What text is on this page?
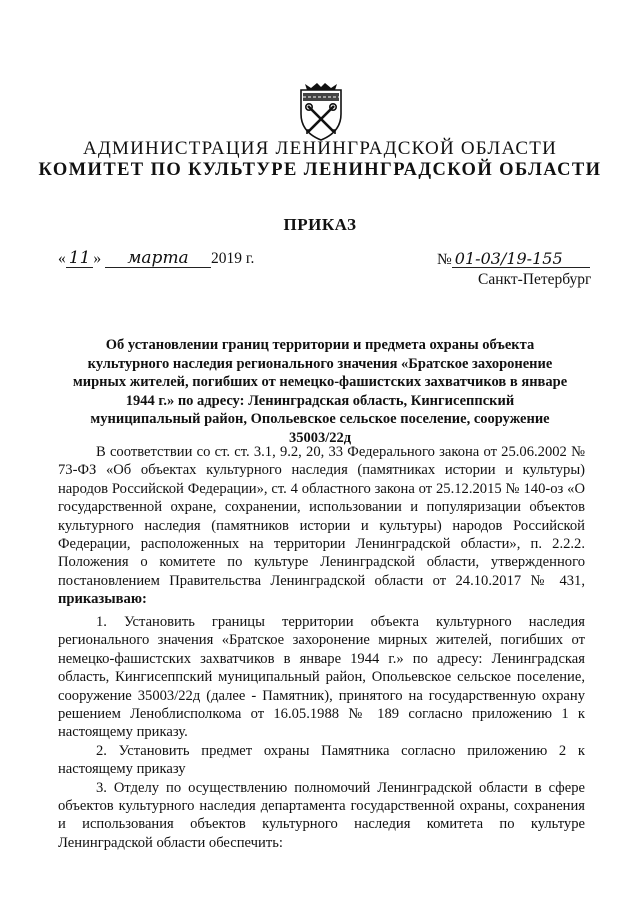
АДМИНИСТРАЦИЯ ЛЕНИНГРАДСКОЙ ОБЛАСТИ
КОМИТЕТ ПО КУЛЬТУРЕ ЛЕНИНГРАДСКОЙ ОБЛАСТИ
ПРИКАЗ
« 11 » марта 2019 г.	№ 01-03/19-155
Санкт-Петербург
Об установлении границ территории и предмета охраны объекта культурного наследия регионального значения «Братское захоронение мирных жителей, погибших от немецко-фашистских захватчиков в январе 1944 г.» по адресу: Ленинградская область, Кингисеппский муниципальный район, Опольевское сельское поселение, сооружение 35003/22д

В соответствии со ст. ст. 3.1, 9.2, 20, 33 Федерального закона от 25.06.2002 № 73-ФЗ «Об объектах культурного наследия (памятниках истории и культуры) народов Российской Федерации», ст. 4 областного закона от 25.12.2015 № 140-оз «О государственной охране, сохранении, использовании и популяризации объектов культурного наследия (памятников истории и культуры) народов Российской Федерации, расположенных на территории Ленинградской области», п. 2.2.2. Положения о комитете по культуре Ленинградской области, утвержденного постановлением Правительства Ленинградской области от 24.10.2017 № 431, приказываю:

1. Установить границы территории объекта культурного наследия регионального значения «Братское захоронение мирных жителей, погибших от немецко-фашистских захватчиков в январе 1944 г.» по адресу: Ленинградская область, Кингисеппский муниципальный район, Опольевское сельское поселение, сооружение 35003/22д (далее - Памятник), принятого на государственную охрану решением Леноблисполкома от 16.05.1988 № 189 согласно приложению 1 к настоящему приказу.

2. Установить предмет охраны Памятника согласно приложению 2 к настоящему приказу

3. Отделу по осуществлению полномочий Ленинградской области в сфере объектов культурного наследия департамента государственной охраны, сохранения и использования объектов культурного наследия комитета по культуре Ленинградской области обеспечить:
